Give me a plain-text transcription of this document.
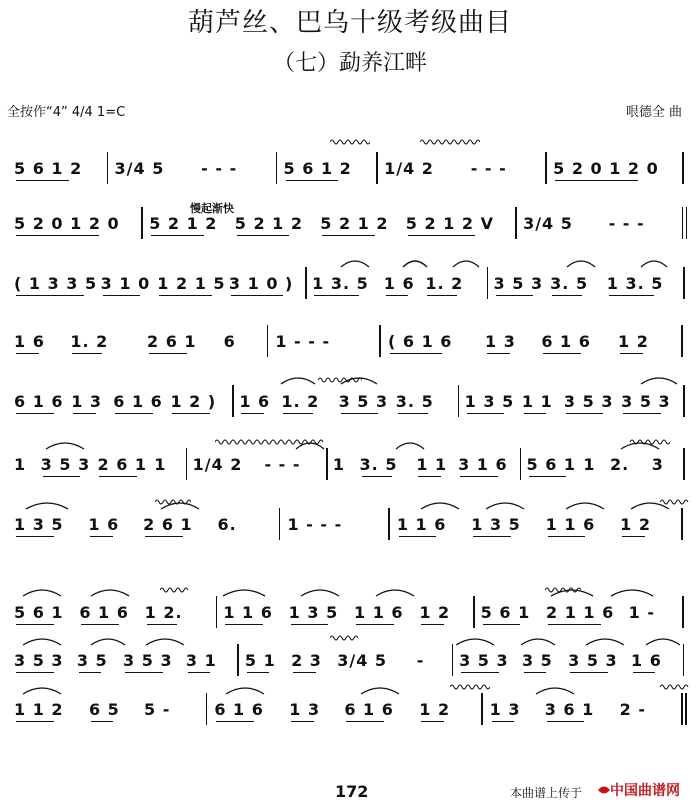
葫芦丝、巴乌十级考级曲目
（七）勐养江畔
全按作“4” 4/4 1=C	哏德全 曲
5 6 1 2	3/4 5	- - -	5 6 1 2	1/4 2	- - -	5 2 0 1 2 0
5 2 0 1 2 0	5 2 1 2	5 2 1 2	5 2 1 2	5 2 1 2 V	3/4 5	- - -
( 1 3 3 5 3 1 0 1 2 1 5 3 1 0 )	1 3. 5 1 6 1. 2	3 5 3 3. 5	1 3. 5
1 6	1. 2	2 6 1	6	1 - - -	( 6 1 6	1 3	6 1 6	1 2
6 1 6 1 3 6 1 6 1 2 )	1 6 1. 2	3 5 3 3. 5	1 3 5 1 1 3 5 3 3 5 3
1 3 5 3 2 6 1 1	1/4 2	- - -	1 3. 5	1 1 3 1 6	5 6 1 1 2.	3
1 3 5	1 6	2 6 1	6.	1 - - -	1 1 6	1 3 5	1 1 6	1 2
5 6 1 6 1 6 1 2.	1 1 6 1 3 5 1 1 6 1 2	5 6 1 2 1 1 6 1 -
3 5 3 3 5 3 5 3 3 1	5 1 2 3 3/4 5	-	3 5 3 3 5 3 5 3 1 6
1 1 2	6 5	5 -	6 1 6	1 3	6 1 6	1 2	1 3	3 6 1	2 -
慢起渐快
172	本曲谱上传于 中国曲谱网
